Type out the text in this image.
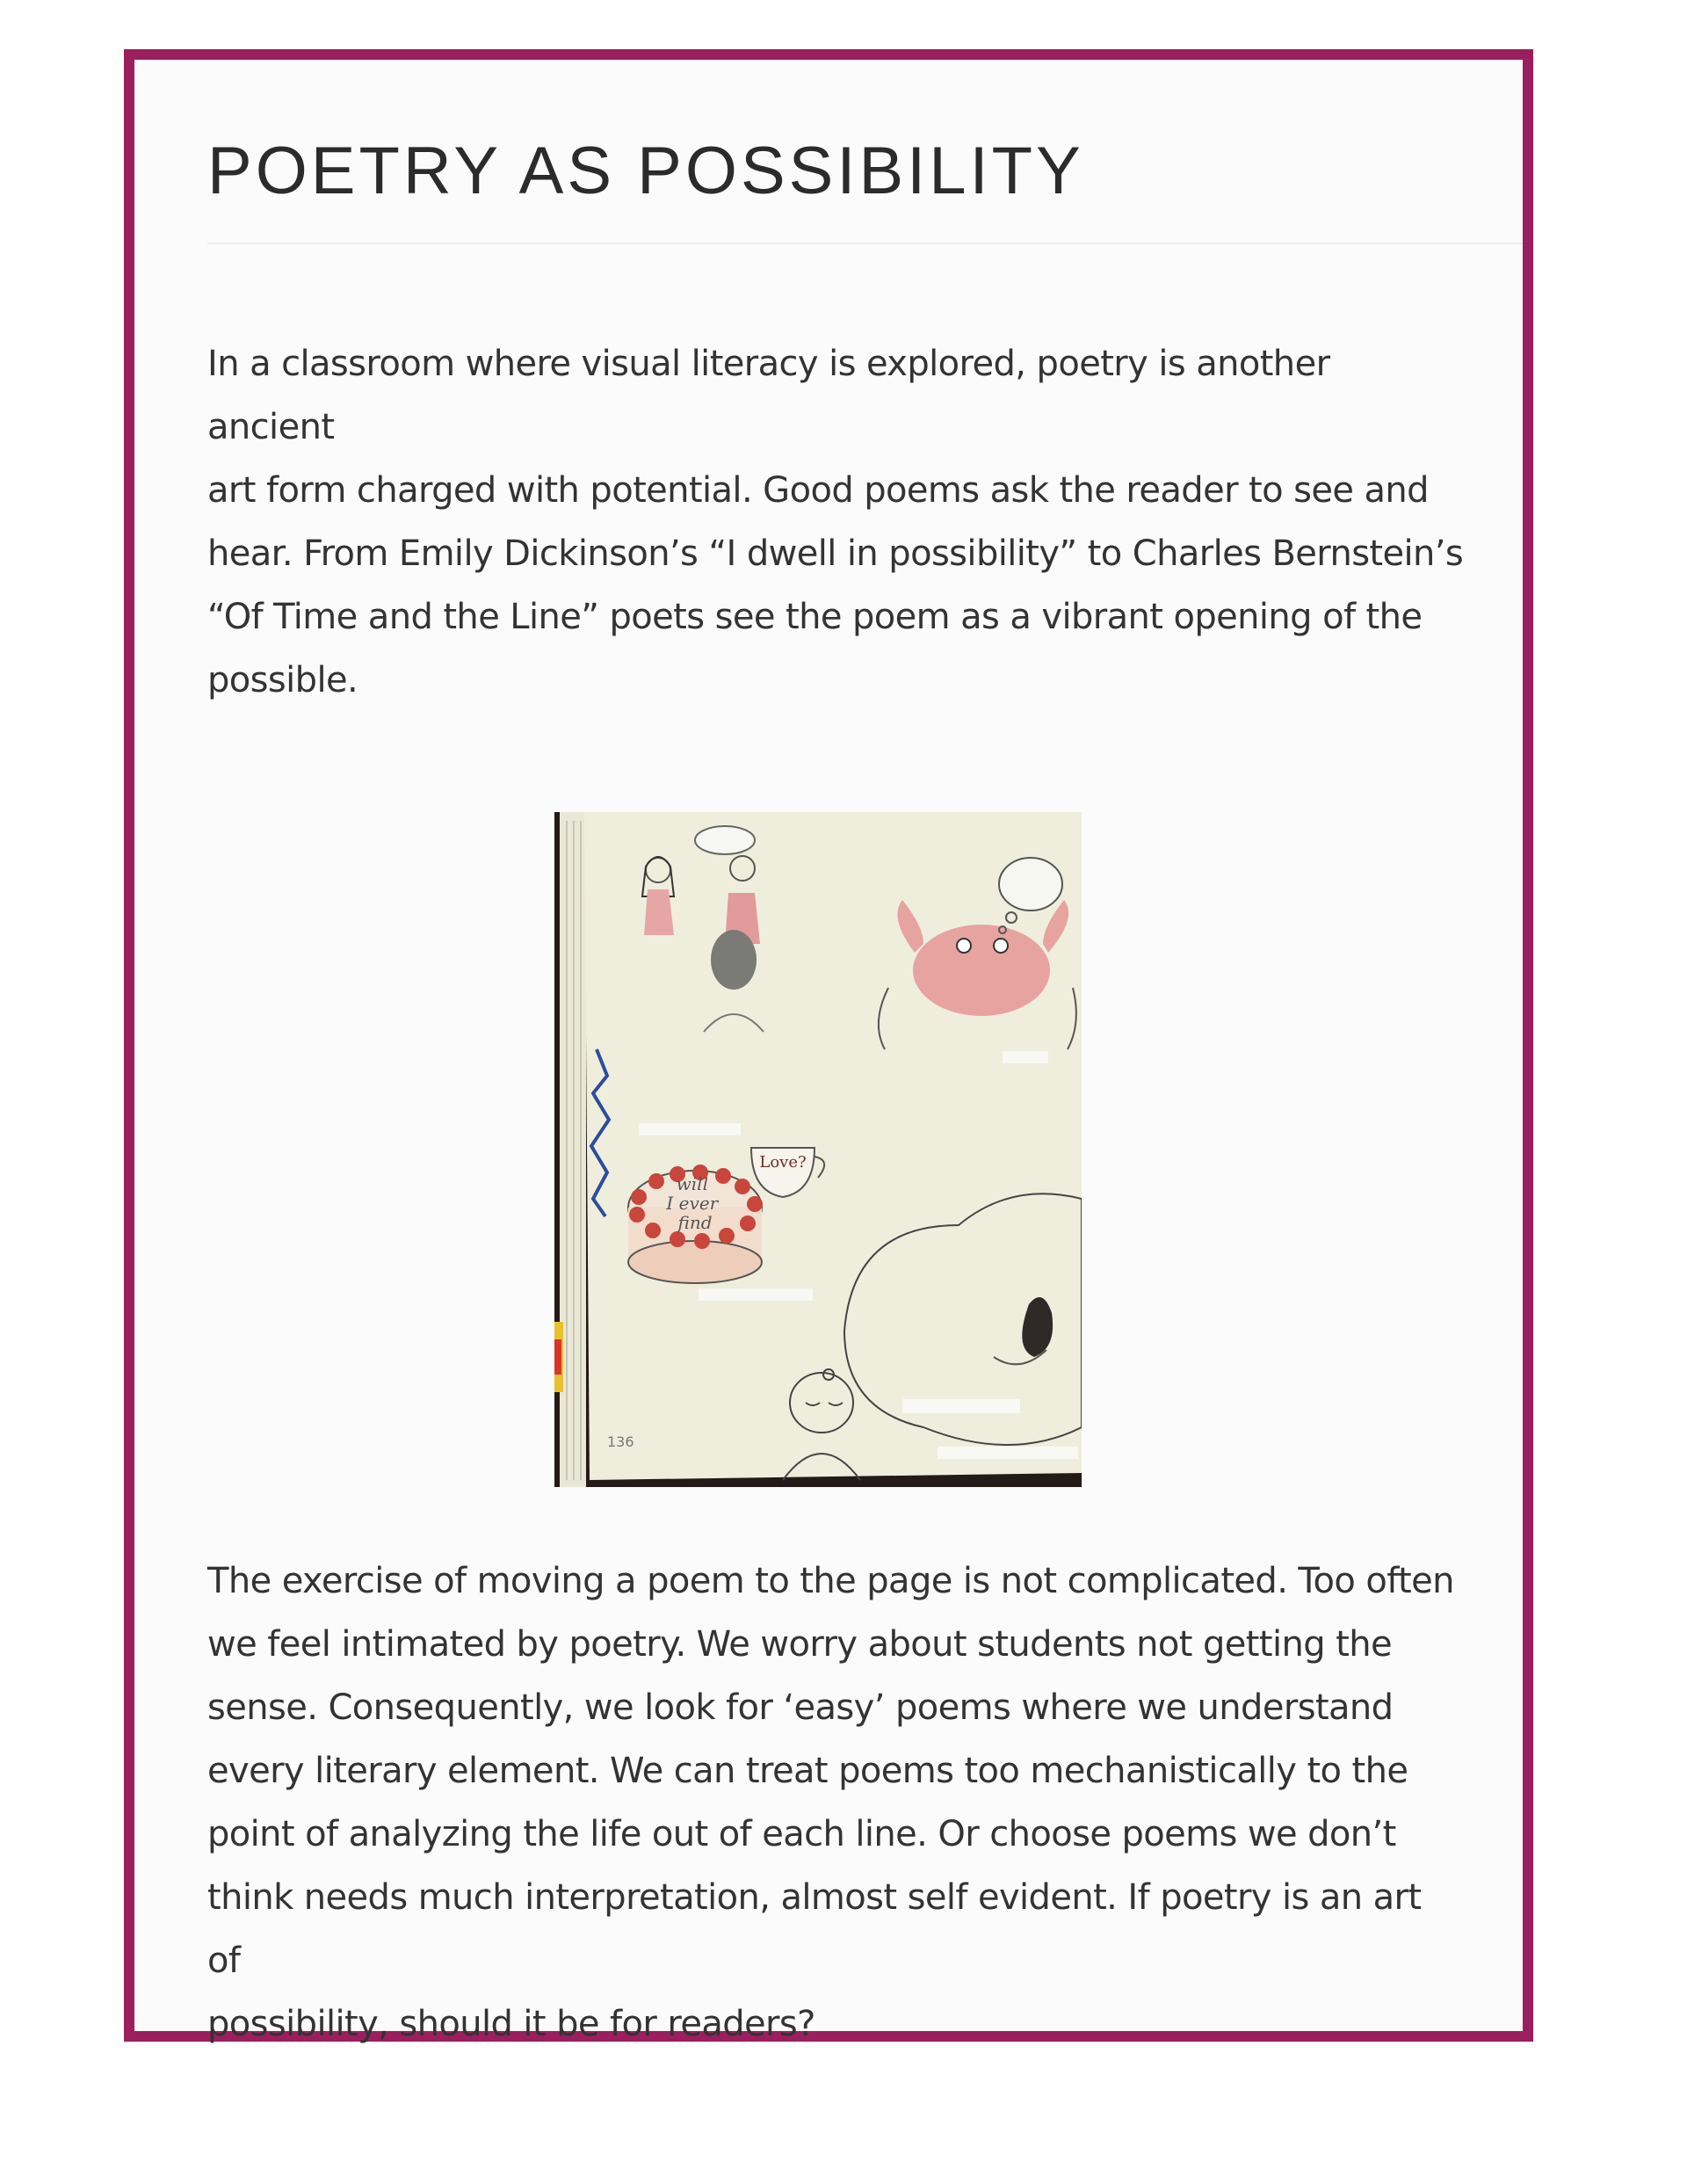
POETRY AS POSSIBILITY

In a classroom where visual literacy is explored, poetry is another ancient
art form charged with potential. Good poems ask the reader to see and
hear. From Emily Dickinson’s “I dwell in possibility” to Charles Bernstein’s
“Of Time and the Line” poets see the poem as a vibrant opening of the
possible.

will I ever find
Love?
136

The exercise of moving a poem to the page is not complicated. Too often
we feel intimated by poetry. We worry about students not getting the
sense. Consequently, we look for ‘easy’ poems where we understand
every literary element. We can treat poems too mechanistically to the
point of analyzing the life out of each line. Or choose poems we don’t
think needs much interpretation, almost self evident. If poetry is an art of
possibility, should it be for readers?
